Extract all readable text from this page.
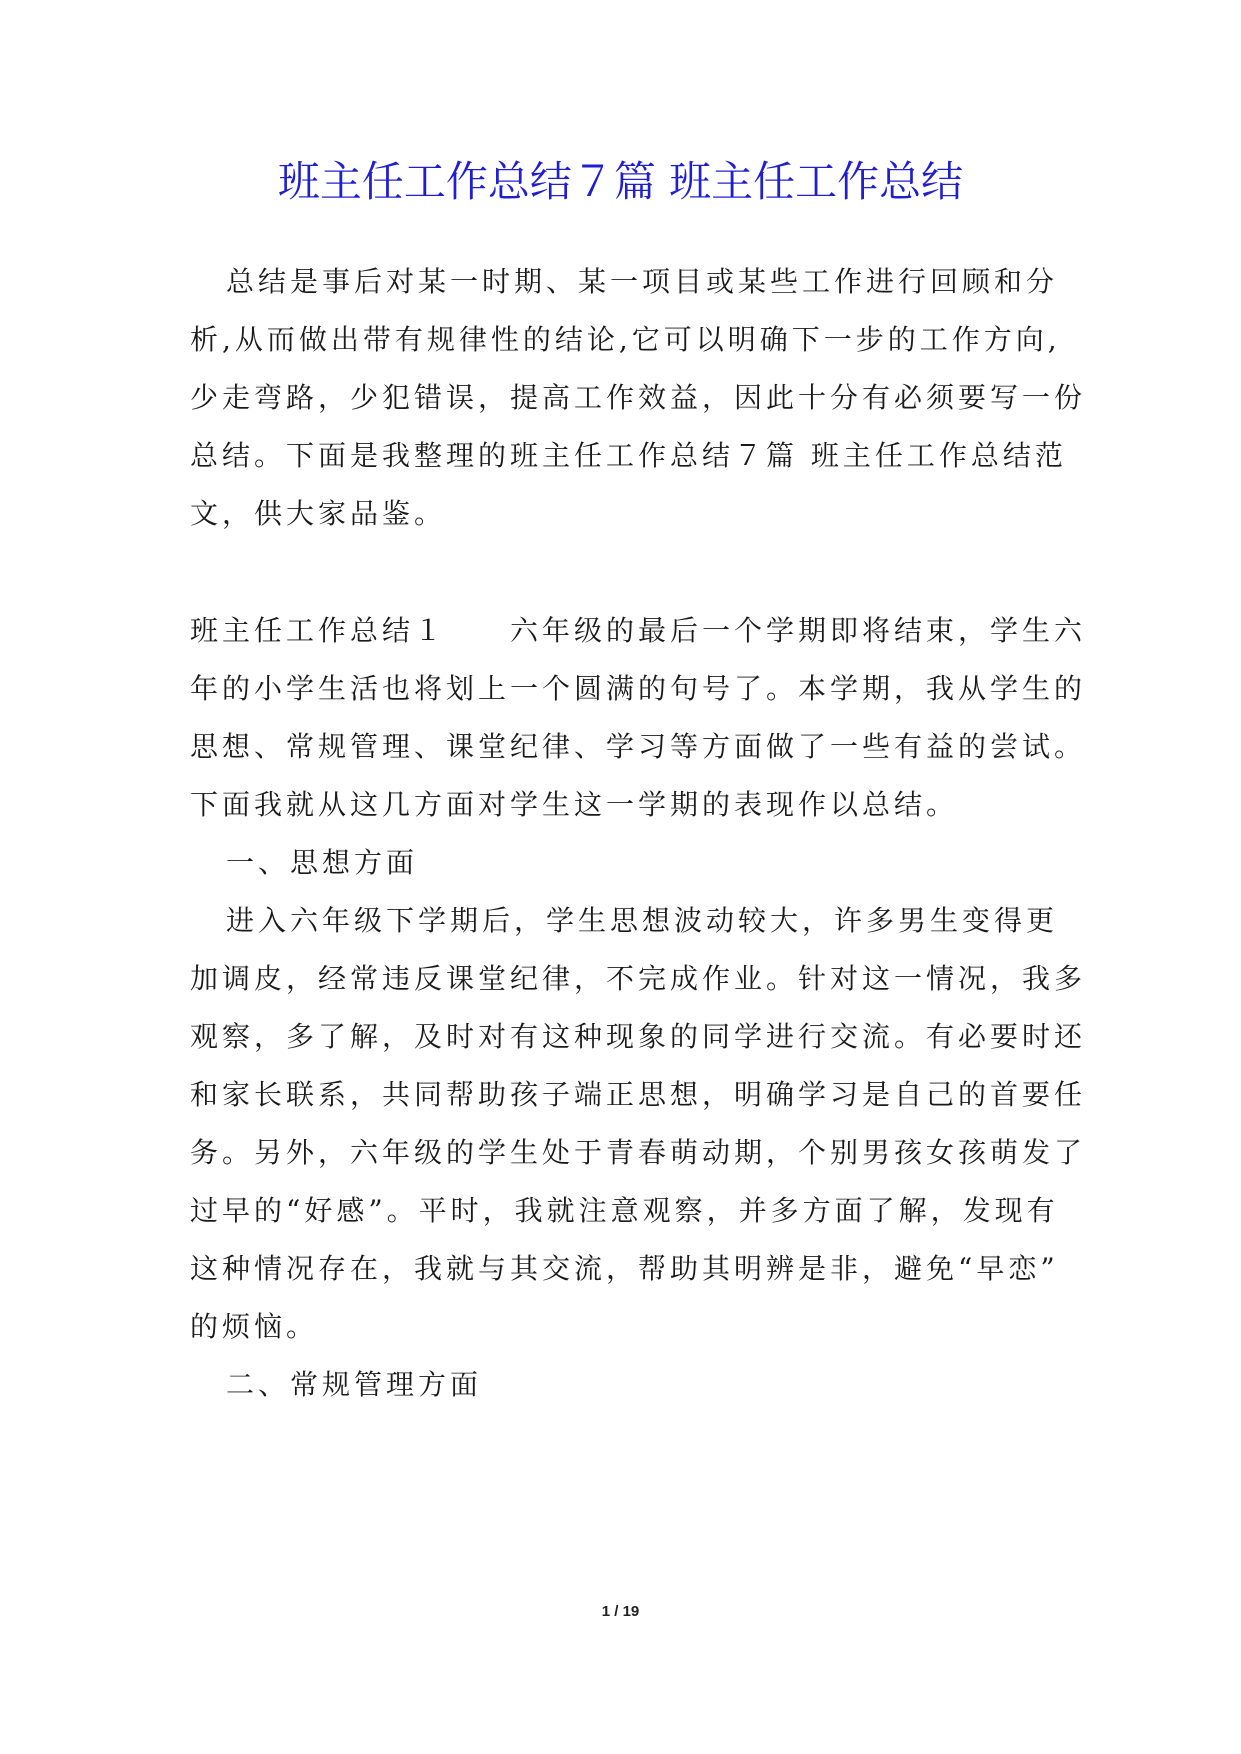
班主任工作总结７篇 班主任工作总结
总结是事后对某一时期、某一项目或某些工作进行回顾和分
析,从而做出带有规律性的结论,它可以明确下一步的工作方向,
少走弯路，少犯错误，提高工作效益，因此十分有必须要写一份
总结。下面是我整理的班主任工作总结７篇 班主任工作总结范
文，供大家品鉴。
班主任工作总结１ 六年级的最后一个学期即将结束，学生六
年的小学生活也将划上一个圆满的句号了。本学期，我从学生的
思想、常规管理、课堂纪律、学习等方面做了一些有益的尝试。
下面我就从这几方面对学生这一学期的表现作以总结。
一、思想方面
进入六年级下学期后，学生思想波动较大，许多男生变得更
加调皮，经常违反课堂纪律，不完成作业。针对这一情况，我多
观察，多了解，及时对有这种现象的同学进行交流。有必要时还
和家长联系，共同帮助孩子端正思想，明确学习是自己的首要任
务。另外，六年级的学生处于青春萌动期，个别男孩女孩萌发了
过早的“好感”。平时，我就注意观察，并多方面了解，发现有
这种情况存在，我就与其交流，帮助其明辨是非，避免“早恋”
的烦恼。
二、常规管理方面
1 / 19
